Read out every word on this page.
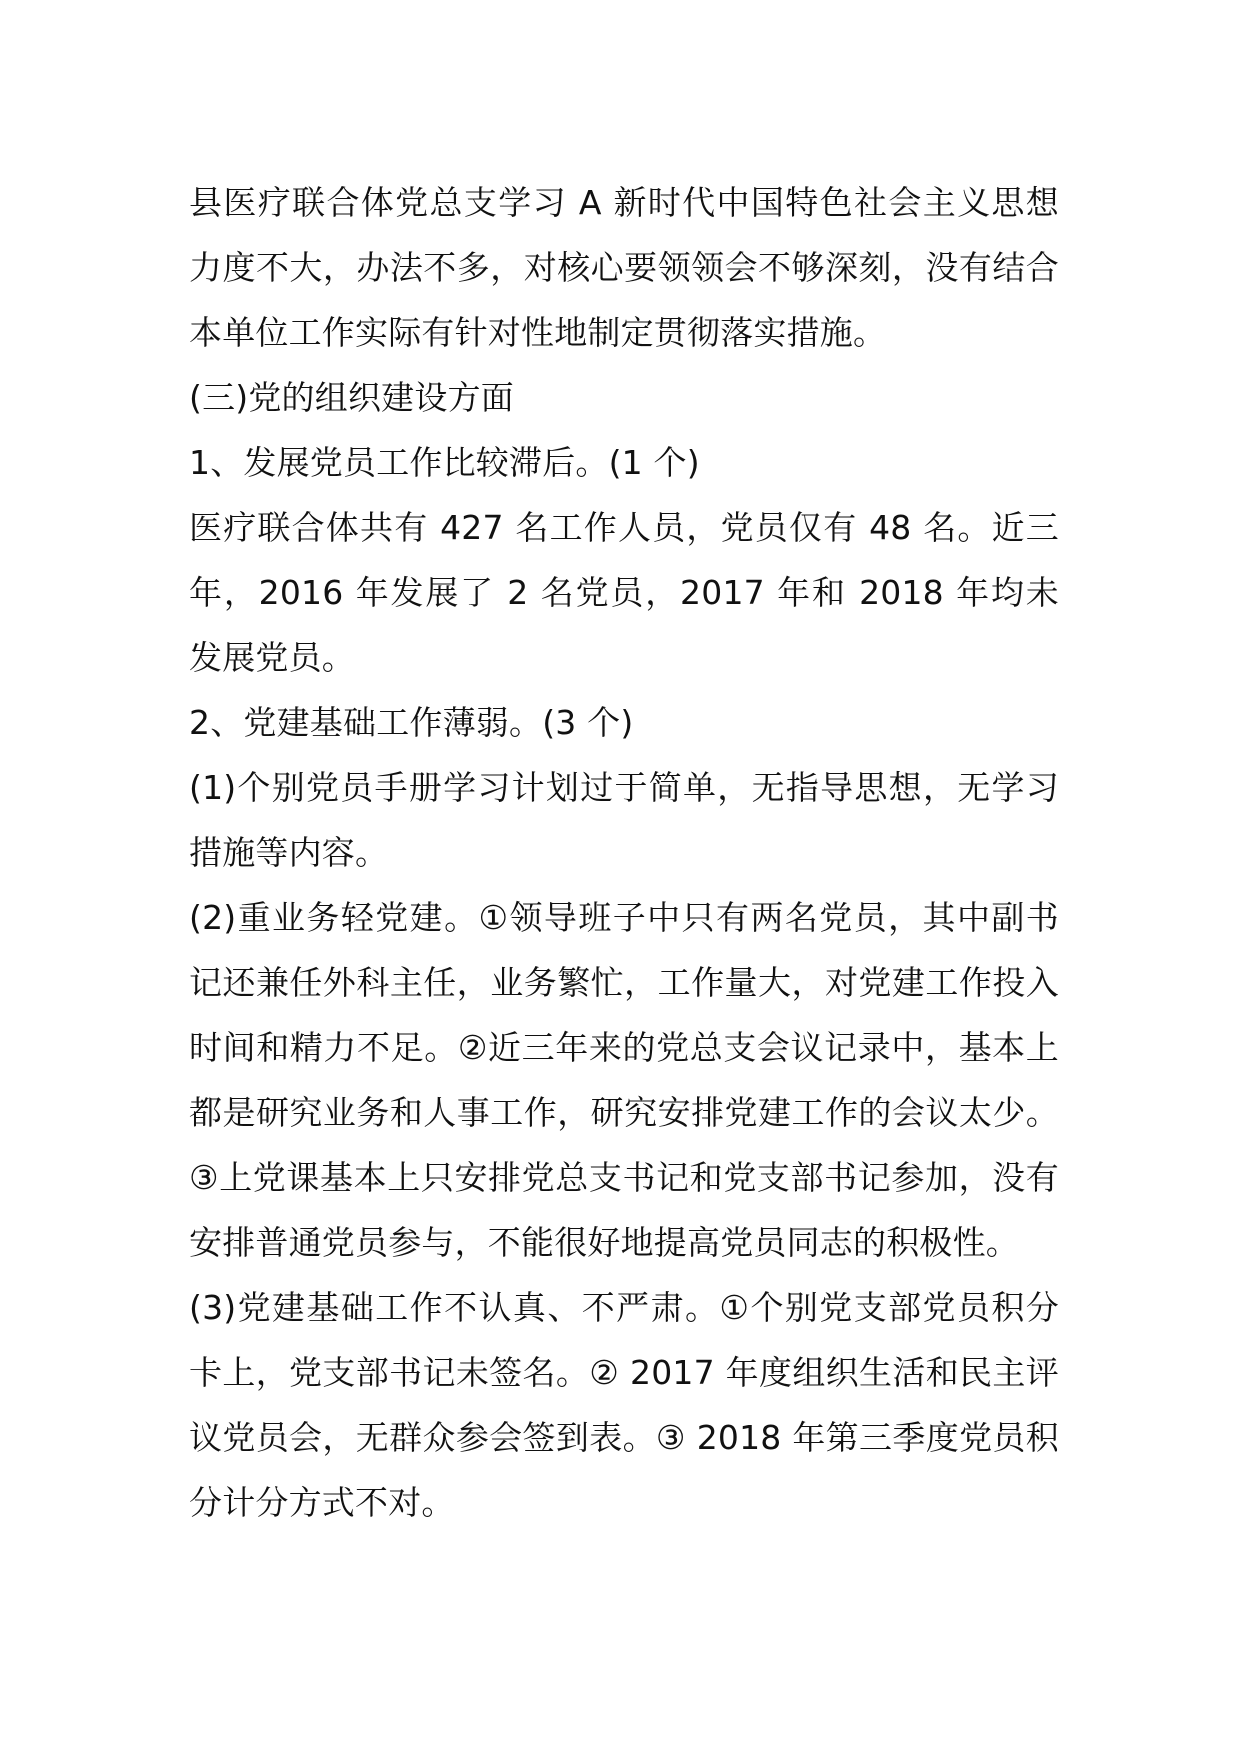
县医疗联合体党总支学习 A 新时代中国特色社会主义思想力度不大，办法不多，对核心要领领会不够深刻，没有结合本单位工作实际有针对性地制定贯彻落实措施。

(三)党的组织建设方面

1、发展党员工作比较滞后。(1 个)

医疗联合体共有 427 名工作人员，党员仅有 48 名。近三年，2016 年发展了 2 名党员，2017 年和 2018 年均未发展党员。

2、党建基础工作薄弱。(3 个)

(1)个别党员手册学习计划过于简单，无指导思想，无学习措施等内容。

(2)重业务轻党建。①领导班子中只有两名党员，其中副书记还兼任外科主任，业务繁忙，工作量大，对党建工作投入时间和精力不足。②近三年来的党总支会议记录中，基本上都是研究业务和人事工作，研究安排党建工作的会议太少。③上党课基本上只安排党总支书记和党支部书记参加，没有安排普通党员参与，不能很好地提高党员同志的积极性。

(3)党建基础工作不认真、不严肃。①个别党支部党员积分卡上，党支部书记未签名。② 2017 年度组织生活和民主评议党员会，无群众参会签到表。③ 2018 年第三季度党员积分计分方式不对。
